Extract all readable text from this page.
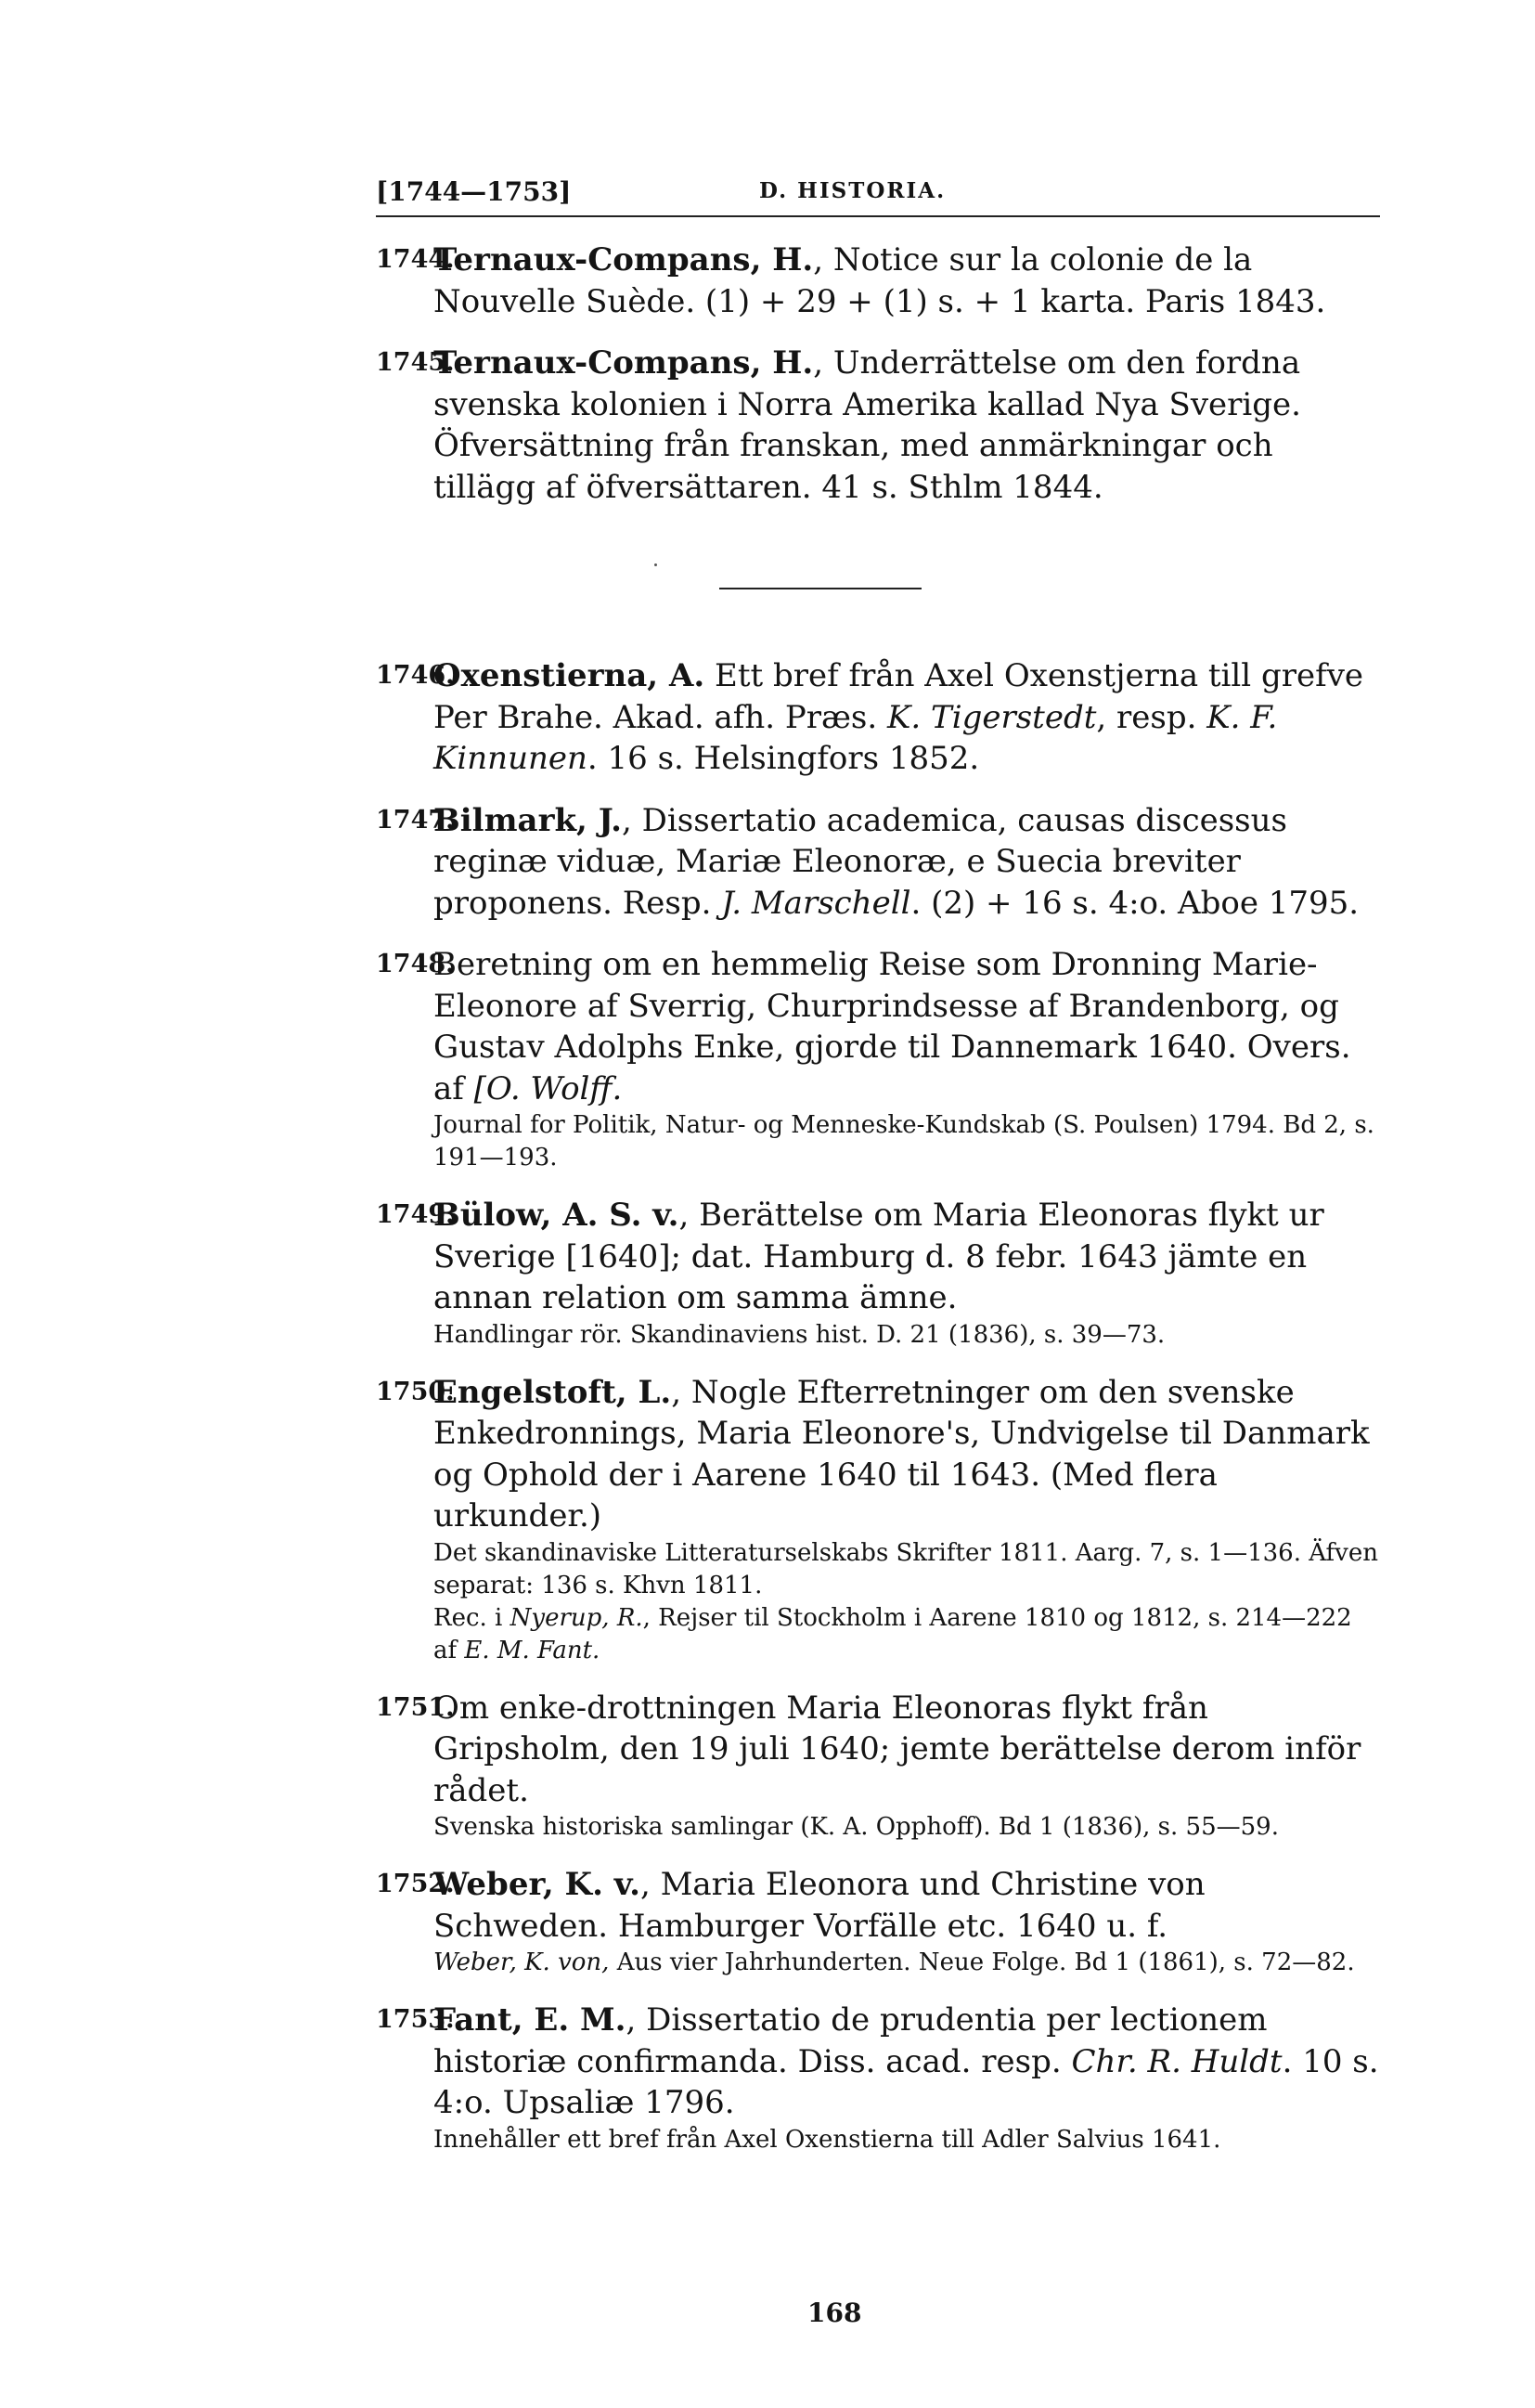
[1744—1753]	D. HISTORIA.
1744.
Ternaux-Compans, H., Notice sur la colonie de la Nouvelle Suède. (1) + 29 + (1) s. + 1 karta. Paris 1843.
1745.
Ternaux-Compans, H., Underrättelse om den fordna svenska kolonien i Norra Amerika kallad Nya Sverige. Öfversättning från franskan, med anmärkningar och tillägg af öfversättaren. 41 s. Sthlm 1844.
1746.
Oxenstierna, A. Ett bref från Axel Oxenstjerna till grefve Per Brahe. Akad. afh. Præs. K. Tigerstedt, resp. K. F. Kinnunen. 16 s. Helsingfors 1852.
1747.
Bilmark, J., Dissertatio academica, causas discessus reginæ viduæ, Mariæ Eleonoræ, e Suecia breviter proponens. Resp. J. Marschell. (2) + 16 s. 4:o. Aboe 1795.
1748.
Beretning om en hemmelig Reise som Dronning Marie-Eleonore af Sverrig, Churprindsesse af Brandenborg, og Gustav Adolphs Enke, gjorde til Dannemark 1640. Overs. af [O. Wolff.
Journal for Politik, Natur- og Menneske-Kundskab (S. Poulsen) 1794. Bd 2, s. 191—193.
1749.
Bülow, A. S. v., Berättelse om Maria Eleonoras flykt ur Sverige [1640]; dat. Hamburg d. 8 febr. 1643 jämte en annan relation om samma ämne.
Handlingar rör. Skandinaviens hist. D. 21 (1836), s. 39—73.
1750.
Engelstoft, L., Nogle Efterretninger om den svenske Enkedronnings, Maria Eleonore's, Undvigelse til Danmark og Ophold der i Aarene 1640 til 1643. (Med flera urkunder.)
Det skandinaviske Litteraturselskabs Skrifter 1811. Aarg. 7, s. 1—136. Äfven separat: 136 s. Khvn 1811.
Rec. i Nyerup, R., Rejser til Stockholm i Aarene 1810 og 1812, s. 214—222 af E. M. Fant.
1751.
Om enke-drottningen Maria Eleonoras flykt från Gripsholm, den 19 juli 1640; jemte berättelse derom inför rådet.
Svenska historiska samlingar (K. A. Opphoff). Bd 1 (1836), s. 55—59.
1752.
Weber, K. v., Maria Eleonora und Christine von Schweden. Hamburger Vorfälle etc. 1640 u. f.
Weber, K. von, Aus vier Jahrhunderten. Neue Folge. Bd 1 (1861), s. 72—82.
1753.
Fant, E. M., Dissertatio de prudentia per lectionem historiæ confirmanda. Diss. acad. resp. Chr. R. Huldt. 10 s. 4:o. Upsaliæ 1796.
Innehåller ett bref från Axel Oxenstierna till Adler Salvius 1641.
168
